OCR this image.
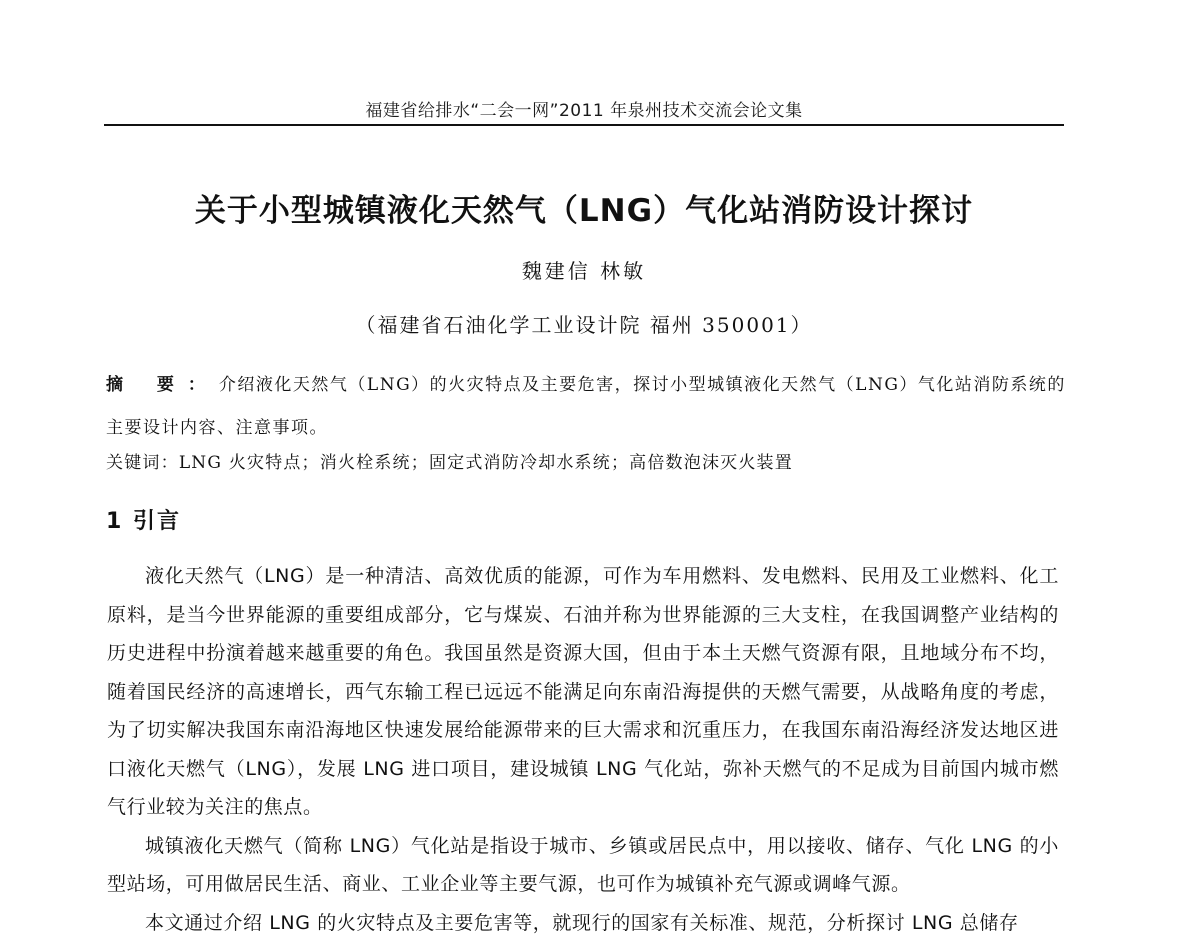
福建省给排水“二会一网”2011 年泉州技术交流会论文集
关于小型城镇液化天然气（LNG）气化站消防设计探讨
魏建信 林敏
（福建省石油化学工业设计院 福州 350001）
摘 要：介绍液化天然气（LNG）的火灾特点及主要危害，探讨小型城镇液化天然气（LNG）气化站消防系统的主要设计内容、注意事项。
关键词：LNG 火灾特点；消火栓系统；固定式消防冷却水系统；高倍数泡沫灭火装置
1 引言

液化天然气（LNG）是一种清洁、高效优质的能源，可作为车用燃料、发电燃料、民用及工业燃料、化工原料，是当今世界能源的重要组成部分，它与煤炭、石油并称为世界能源的三大支柱，在我国调整产业结构的历史进程中扮演着越来越重要的角色。我国虽然是资源大国，但由于本土天燃气资源有限，且地域分布不均，随着国民经济的高速增长，西气东输工程已远远不能满足向东南沿海提供的天燃气需要，从战略角度的考虑，为了切实解决我国东南沿海地区快速发展给能源带来的巨大需求和沉重压力，在我国东南沿海经济发达地区进口液化天燃气（LNG），发展 LNG 进口项目，建设城镇 LNG 气化站，弥补天燃气的不足成为目前国内城市燃气行业较为关注的焦点。

城镇液化天燃气（简称 LNG）气化站是指设于城市、乡镇或居民点中，用以接收、储存、气化 LNG 的小型站场，可用做居民生活、商业、工业企业等主要气源，也可作为城镇补充气源或调峰气源。

本文通过介绍 LNG 的火灾特点及主要危害等，就现行的国家有关标准、规范，分析探讨 LNG 总储存
